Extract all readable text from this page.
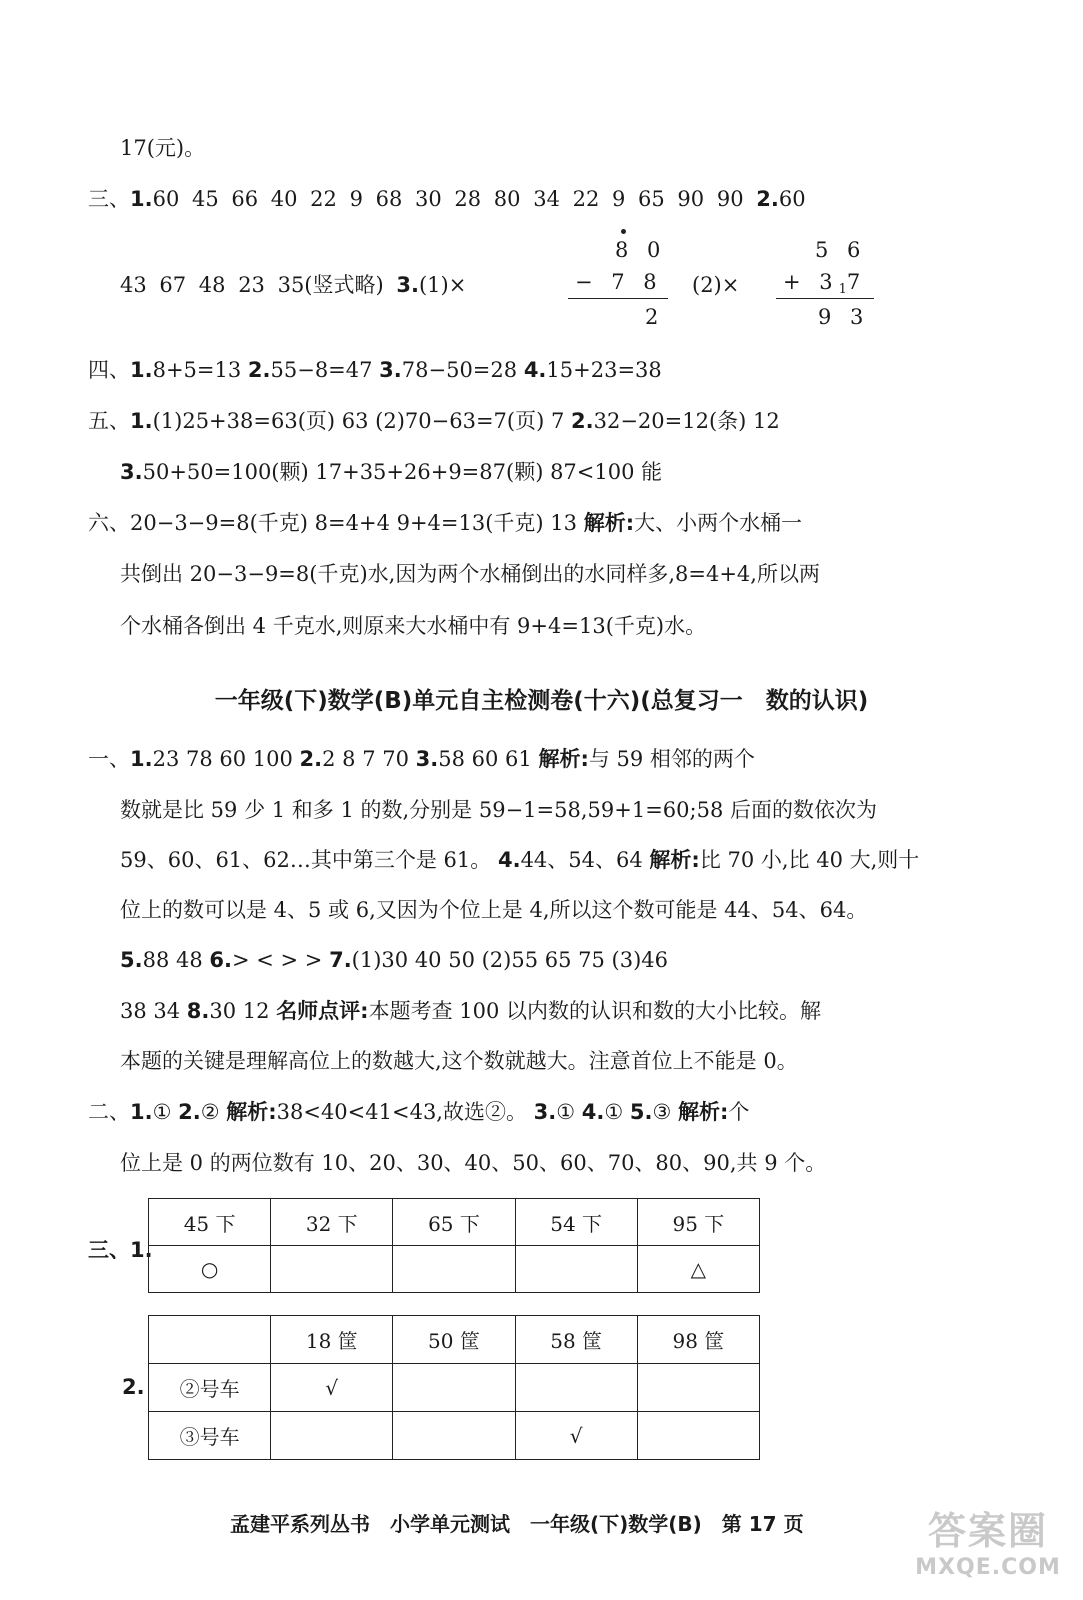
17(元)。
三、1.60 45 66 40 22 9 68 30 28 80 34 22 9 65 90 90 2.60
43 67 48 23 35(竖式略) 3.(1)×	(2)×
8 0
− 7 8
2
5 6
+ $3_17$
9 3
四、1.8+5=13 2.55−8=47 3.78−50=28 4.15+23=38
五、1.(1)25+38=63(页) 63 (2)70−63=7(页) 7 2.32−20=12(条) 12
3.50+50=100(颗) 17+35+26+9=87(颗) 87<100 能
六、20−3−9=8(千克) 8=4+4 9+4=13(千克) 13 解析:大、小两个水桶一
共倒出 20−3−9=8(千克)水,因为两个水桶倒出的水同样多,8=4+4,所以两
个水桶各倒出 4 千克水,则原来大水桶中有 9+4=13(千克)水。
一年级(下)数学(B)单元自主检测卷(十六)(总复习一　数的认识)
一、1.23 78 60 100 2.2 8 7 70 3.58 60 61 解析:与 59 相邻的两个
数就是比 59 少 1 和多 1 的数,分别是 59−1=58,59+1=60;58 后面的数依次为
59、60、61、62…其中第三个是 61。 4.44、54、64 解析:比 70 小,比 40 大,则十
位上的数可以是 4、5 或 6,又因为个位上是 4,所以这个数可能是 44、54、64。
5.88 48 6.> < > > 7.(1)30 40 50 (2)55 65 75 (3)46
38 34 8.30 12 名师点评:本题考查 100 以内数的认识和数的大小比较。解
本题的关键是理解高位上的数越大,这个数就越大。注意首位上不能是 0。
二、1.① 2.② 解析:38<40<41<43,故选②。 3.① 4.① 5.③ 解析:个
位上是 0 的两位数有 10、20、30、40、50、60、70、80、90,共 9 个。
三、1.
45 下	32 下	65 下	54 下	95 下
○				△
2.
	18 筐	50 筐	58 筐	98 筐
②号车	√			
③号车			√	
孟建平系列丛书　小学单元测试　一年级(下)数学(B)　第 17 页	答案圈
MXQE.COM
